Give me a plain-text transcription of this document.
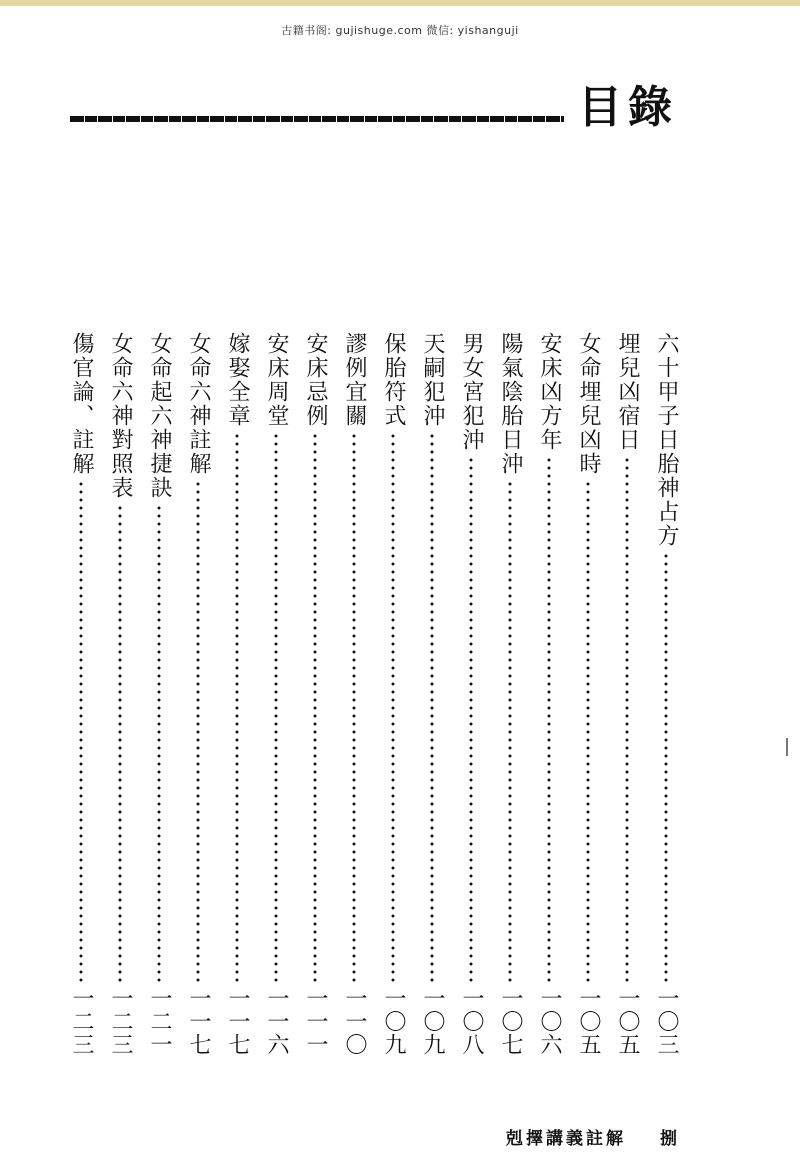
古籍书阁: gujishuge.com 微信: yishanguji
目錄
六十甲子日胎神占方
一〇三
埋兒凶宿日
一〇五
女命埋兒凶時
一〇五
安床凶方年
一〇六
陽氣陰胎日沖
一〇七
男女宮犯沖
一〇八
天嗣犯沖
一〇九
保胎符式
一〇九
謬例宜關
一一〇
安床忌例
一一一
安床周堂
一一六
嫁娶全章
一一七
女命六神註解
一一七
女命起六神捷訣
一二一
女命六神對照表
一二三
傷官論、註解
一二三
剋擇講義註解 捌
